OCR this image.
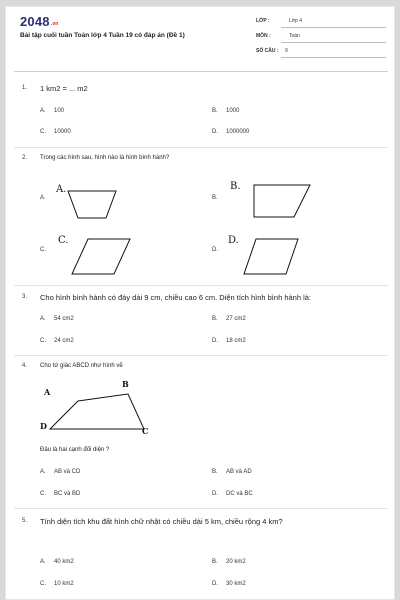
2048.vn
Bài tập cuối tuần Toán lớp 4 Tuần 19 có đáp án (Đề 1)
LỚP :	Lớp 4
MÔN :	Toán
SỐ CÂU : 9
1. 1 km2 = ... m2
A. 100	B. 1000
C. 10000	D. 1000000
2. Trong các hình sau, hình nào là hình bình hành?
A.
A.
B.
B.
C.
C.
D.
D.
3. Cho hình bình hành có đáy dài 9 cm, chiều cao 6 cm. Diện tích hình bình hành là:
A. 54 cm2	B. 27 cm2
C. 24 cm2	D. 18 cm2
4. Cho tứ giác ABCD như hình vẽ
A
B
C
D
Đâu là hai cạnh đối diện ?
A. AB và CD	B. AB và AD
C. BC và BD	D. DC và BC
5. Tính diện tích khu đất hình chữ nhật có chiều dài 5 km, chiều rộng 4 km?
A. 40 km2	B. 20 km2
C. 10 km2	D. 30 km2
